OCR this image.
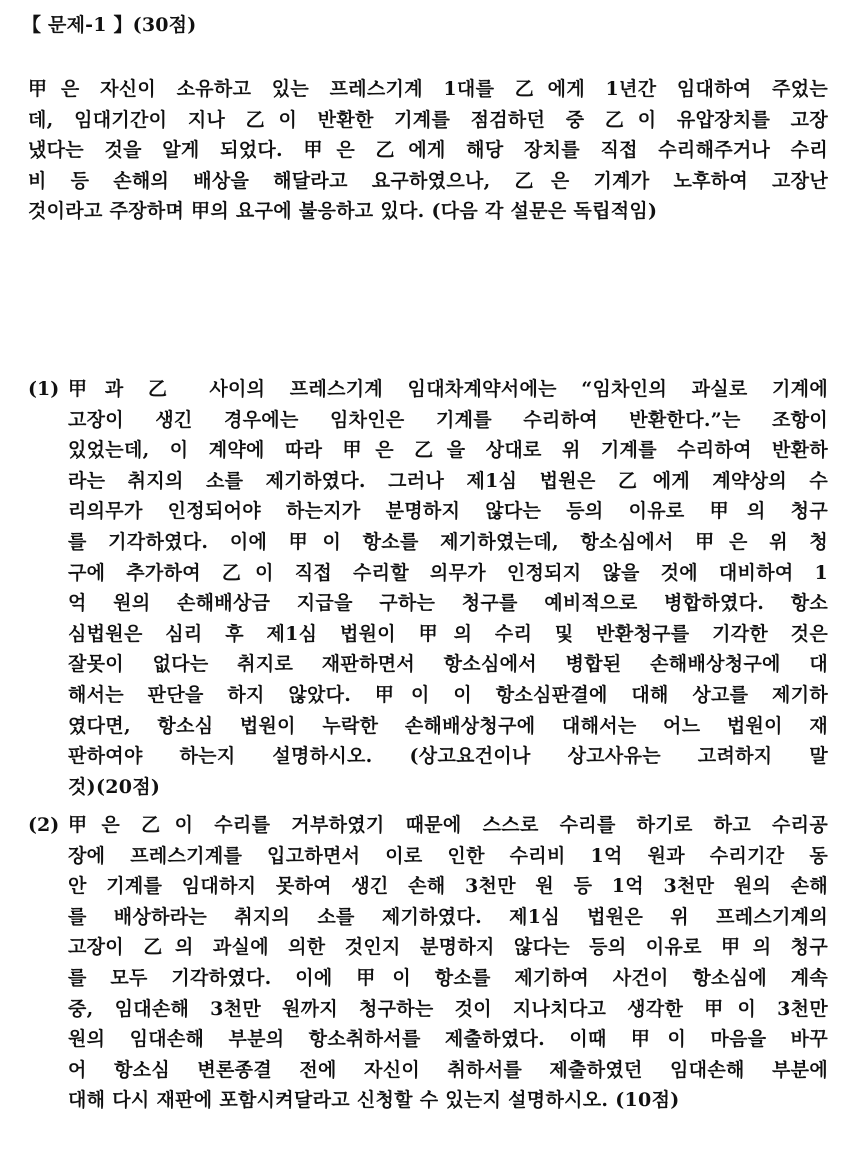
【 문제-1 】(30점)
甲은 자신이 소유하고 있는 프레스기계 1대를 乙에게 1년간 임대하여 주었는
데, 임대기간이 지나 乙이 반환한 기계를 점검하던 중 乙이 유압장치를 고장
냈다는 것을 알게 되었다. 甲은 乙에게 해당 장치를 직접 수리해주거나 수리
비 등 손해의 배상을 해달라고 요구하였으나, 乙은 기계가 노후하여 고장난
것이라고 주장하며 甲의 요구에 불응하고 있다. (다음 각 설문은 독립적임)
(1) 甲과 乙 사이의 프레스기계 임대차계약서에는 “임차인의 과실로 기계에
고장이 생긴 경우에는 임차인은 기계를 수리하여 반환한다.”는 조항이
있었는데, 이 계약에 따라 甲은 乙을 상대로 위 기계를 수리하여 반환하
라는 취지의 소를 제기하였다. 그러나 제1심 법원은 乙에게 계약상의 수
리의무가 인정되어야 하는지가 분명하지 않다는 등의 이유로 甲의 청구
를 기각하였다. 이에 甲이 항소를 제기하였는데, 항소심에서 甲은 위 청
구에 추가하여 乙이 직접 수리할 의무가 인정되지 않을 것에 대비하여 1
억 원의 손해배상금 지급을 구하는 청구를 예비적으로 병합하였다. 항소
심법원은 심리 후 제1심 법원이 甲의 수리 및 반환청구를 기각한 것은
잘못이 없다는 취지로 재판하면서 항소심에서 병합된 손해배상청구에 대
해서는 판단을 하지 않았다. 甲이 이 항소심판결에 대해 상고를 제기하
였다면, 항소심 법원이 누락한 손해배상청구에 대해서는 어느 법원이 재
판하여야 하는지 설명하시오. (상고요건이나 상고사유는 고려하지 말
것)(20점)
(2) 甲은 乙이 수리를 거부하였기 때문에 스스로 수리를 하기로 하고 수리공
장에 프레스기계를 입고하면서 이로 인한 수리비 1억 원과 수리기간 동
안 기계를 임대하지 못하여 생긴 손해 3천만 원 등 1억 3천만 원의 손해
를 배상하라는 취지의 소를 제기하였다. 제1심 법원은 위 프레스기계의
고장이 乙의 과실에 의한 것인지 분명하지 않다는 등의 이유로 甲의 청구
를 모두 기각하였다. 이에 甲이 항소를 제기하여 사건이 항소심에 계속
중, 임대손해 3천만 원까지 청구하는 것이 지나치다고 생각한 甲이 3천만
원의 임대손해 부분의 항소취하서를 제출하였다. 이때 甲이 마음을 바꾸
어 항소심 변론종결 전에 자신이 취하서를 제출하였던 임대손해 부분에
대해 다시 재판에 포함시켜달라고 신청할 수 있는지 설명하시오. (10점)
